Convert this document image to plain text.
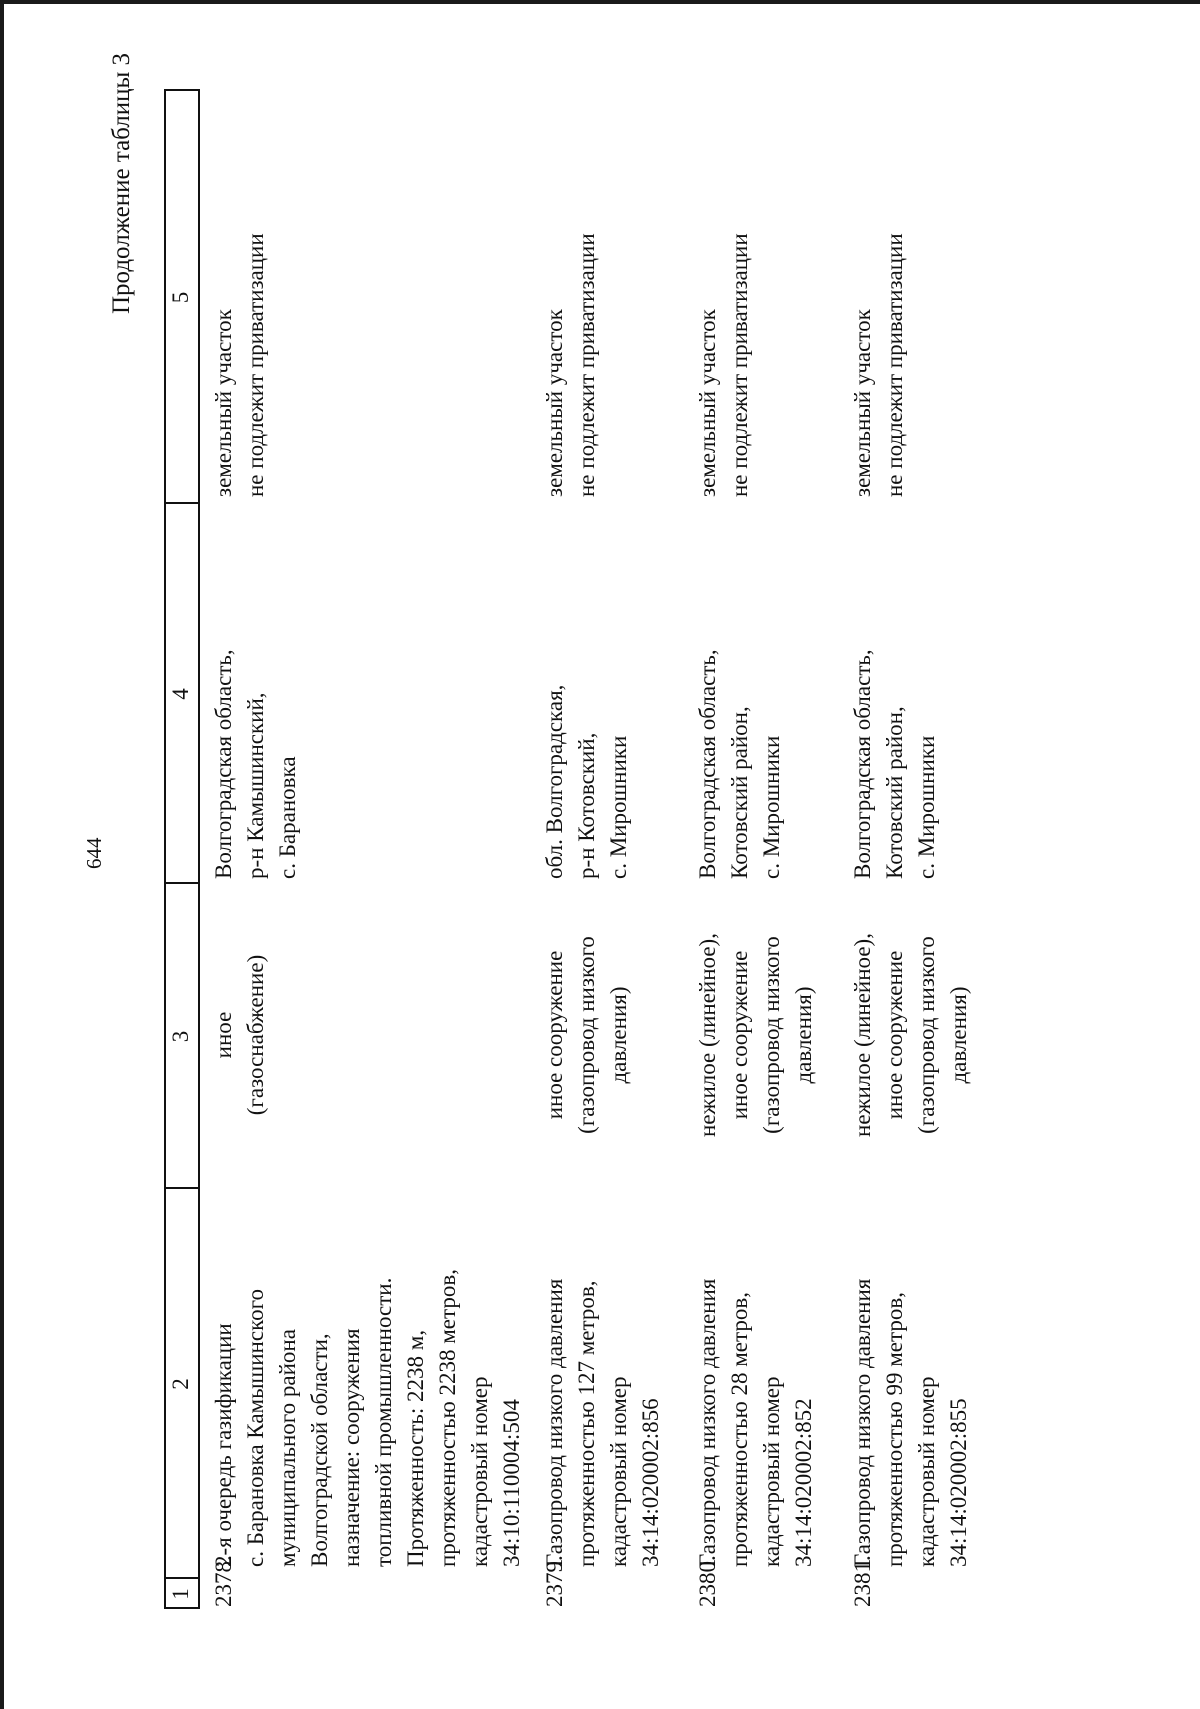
644
Продолжение таблицы 3
1
2
3
4
5
2378.
2-я очередь газификации с. Барановка Камышинского муниципального района Волгоградской области, назначение: сооружения топливной промышленности. Протяженность: 2238 м, протяженностью 2238 метров, кадастровый номер 34:10:110004:504
иное (газоснабжение)
Волгоградская область, р-н Камышинский, с. Барановка
земельный участок не подлежит приватизации
2379.
Газопровод низкого давления протяженностью 127 метров, кадастровый номер 34:14:020002:856
иное сооружение (газопровод низкого давления)
обл. Волгоградская, р-н Котовский, с. Мирошники
земельный участок не подлежит приватизации
2380.
Газопровод низкого давления протяженностью 28 метров, кадастровый номер 34:14:020002:852
нежилое (линейное), иное сооружение (газопровод низкого давления)
Волгоградская область, Котовский район, с. Мирошники
земельный участок не подлежит приватизации
2381.
Газопровод низкого давления протяженностью 99 метров, кадастровый номер 34:14:020002:855
нежилое (линейное), иное сооружение (газопровод низкого давления)
Волгоградская область, Котовский район, с. Мирошники
земельный участок не подлежит приватизации
